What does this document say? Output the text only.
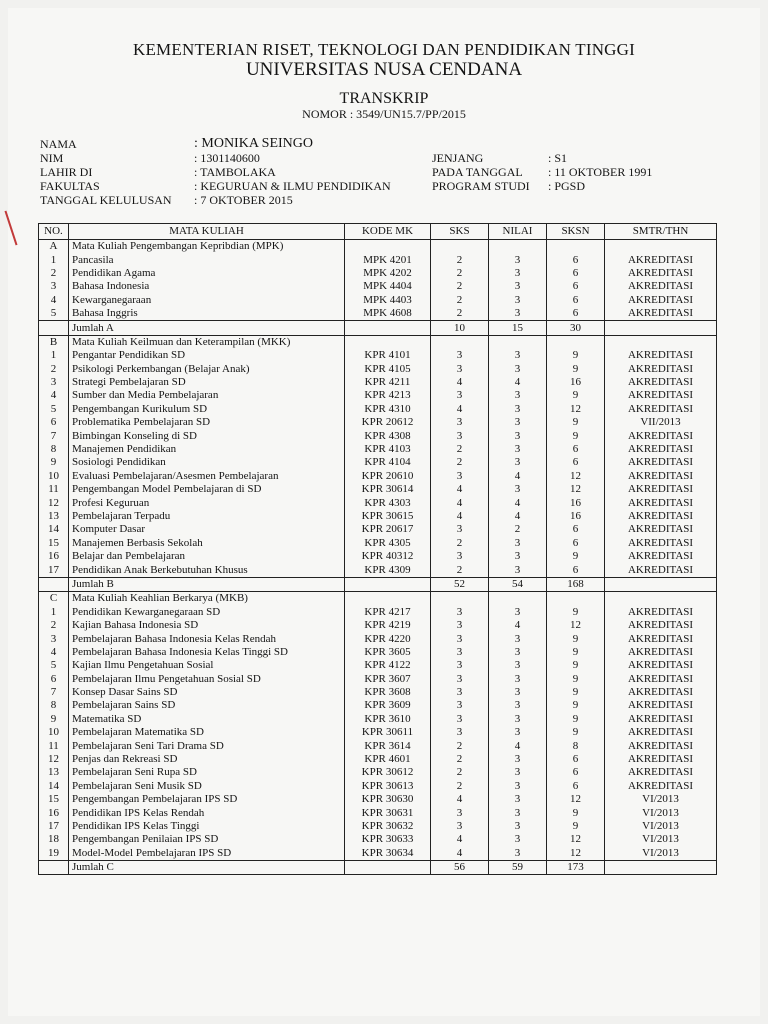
KEMENTERIAN RISET, TEKNOLOGI DAN PENDIDIKAN TINGGI
UNIVERSITAS NUSA CENDANA
TRANSKRIP
NOMOR : 3549/UN15.7/PP/2015
NAMA	: MONIKA SEINGO
NIM	: 1301140600	JENJANG	: S1
LAHIR DI	: TAMBOLAKA	PADA TANGGAL : 11 OKTOBER 1991
FAKULTAS	: KEGURUAN & ILMU PENDIDIKAN	PROGRAM STUDI : PGSD
TANGGAL KELULUSAN : 7 OKTOBER 2015
NO.	MATA KULIAH	KODE MK	SKS	NILAI	SKSN	SMTR/THN
A	Mata Kuliah Pengembangan Kepribdian (MPK)					
1	Pancasila	MPK 4201	2	3	6	AKREDITASI
2	Pendidikan Agama	MPK 4202	2	3	6	AKREDITASI
3	Bahasa Indonesia	MPK 4404	2	3	6	AKREDITASI
4	Kewarganegaraan	MPK 4403	2	3	6	AKREDITASI
5	Bahasa Inggris	MPK 4608	2	3	6	AKREDITASI
	Jumlah A		10	15	30	
B	Mata Kuliah Keilmuan dan Keterampilan (MKK)					
1	Pengantar Pendidikan SD	KPR 4101	3	3	9	AKREDITASI
2	Psikologi Perkembangan (Belajar Anak)	KPR 4105	3	3	9	AKREDITASI
3	Strategi Pembelajaran SD	KPR 4211	4	4	16	AKREDITASI
4	Sumber dan Media Pembelajaran	KPR 4213	3	3	9	AKREDITASI
5	Pengembangan Kurikulum SD	KPR 4310	4	3	12	AKREDITASI
6	Problematika Pembelajaran SD	KPR 20612	3	3	9	VII/2013
7	Bimbingan Konseling di SD	KPR 4308	3	3	9	AKREDITASI
8	Manajemen Pendidikan	KPR 4103	2	3	6	AKREDITASI
9	Sosiologi Pendidikan	KPR 4104	2	3	6	AKREDITASI
10	Evaluasi Pembelajaran/Asesmen Pembelajaran	KPR 20610	3	4	12	AKREDITASI
11	Pengembangan Model Pembelajaran di SD	KPR 30614	4	3	12	AKREDITASI
12	Profesi Keguruan	KPR 4303	4	4	16	AKREDITASI
13	Pembelajaran Terpadu	KPR 30615	4	4	16	AKREDITASI
14	Komputer Dasar	KPR 20617	3	2	6	AKREDITASI
15	Manajemen Berbasis Sekolah	KPR 4305	2	3	6	AKREDITASI
16	Belajar dan Pembelajaran	KPR 40312	3	3	9	AKREDITASI
17	Pendidikan Anak Berkebutuhan Khusus	KPR 4309	2	3	6	AKREDITASI
	Jumlah B		52	54	168	
C	Mata Kuliah Keahlian Berkarya (MKB)					
1	Pendidikan Kewarganegaraan SD	KPR 4217	3	3	9	AKREDITASI
2	Kajian Bahasa Indonesia SD	KPR 4219	3	4	12	AKREDITASI
3	Pembelajaran Bahasa Indonesia Kelas Rendah	KPR 4220	3	3	9	AKREDITASI
4	Pembelajaran Bahasa Indonesia Kelas Tinggi SD	KPR 3605	3	3	9	AKREDITASI
5	Kajian Ilmu Pengetahuan Sosial	KPR 4122	3	3	9	AKREDITASI
6	Pembelajaran Ilmu Pengetahuan Sosial SD	KPR 3607	3	3	9	AKREDITASI
7	Konsep Dasar Sains SD	KPR 3608	3	3	9	AKREDITASI
8	Pembelajaran Sains SD	KPR 3609	3	3	9	AKREDITASI
9	Matematika SD	KPR 3610	3	3	9	AKREDITASI
10	Pembelajaran Matematika SD	KPR 30611	3	3	9	AKREDITASI
11	Pembelajaran Seni Tari Drama SD	KPR 3614	2	4	8	AKREDITASI
12	Penjas dan Rekreasi SD	KPR 4601	2	3	6	AKREDITASI
13	Pembelajaran Seni Rupa SD	KPR 30612	2	3	6	AKREDITASI
14	Pembelajaran Seni Musik SD	KPR 30613	2	3	6	AKREDITASI
15	Pengembangan Pembelajaran IPS SD	KPR 30630	4	3	12	VI/2013
16	Pendidikan IPS Kelas Rendah	KPR 30631	3	3	9	VI/2013
17	Pendidikan IPS Kelas Tinggi	KPR 30632	3	3	9	VI/2013
18	Pengembangan Penilaian IPS SD	KPR 30633	4	3	12	VI/2013
19	Model-Model Pembelajaran IPS SD	KPR 30634	4	3	12	VI/2013
	Jumlah C		56	59	173	
